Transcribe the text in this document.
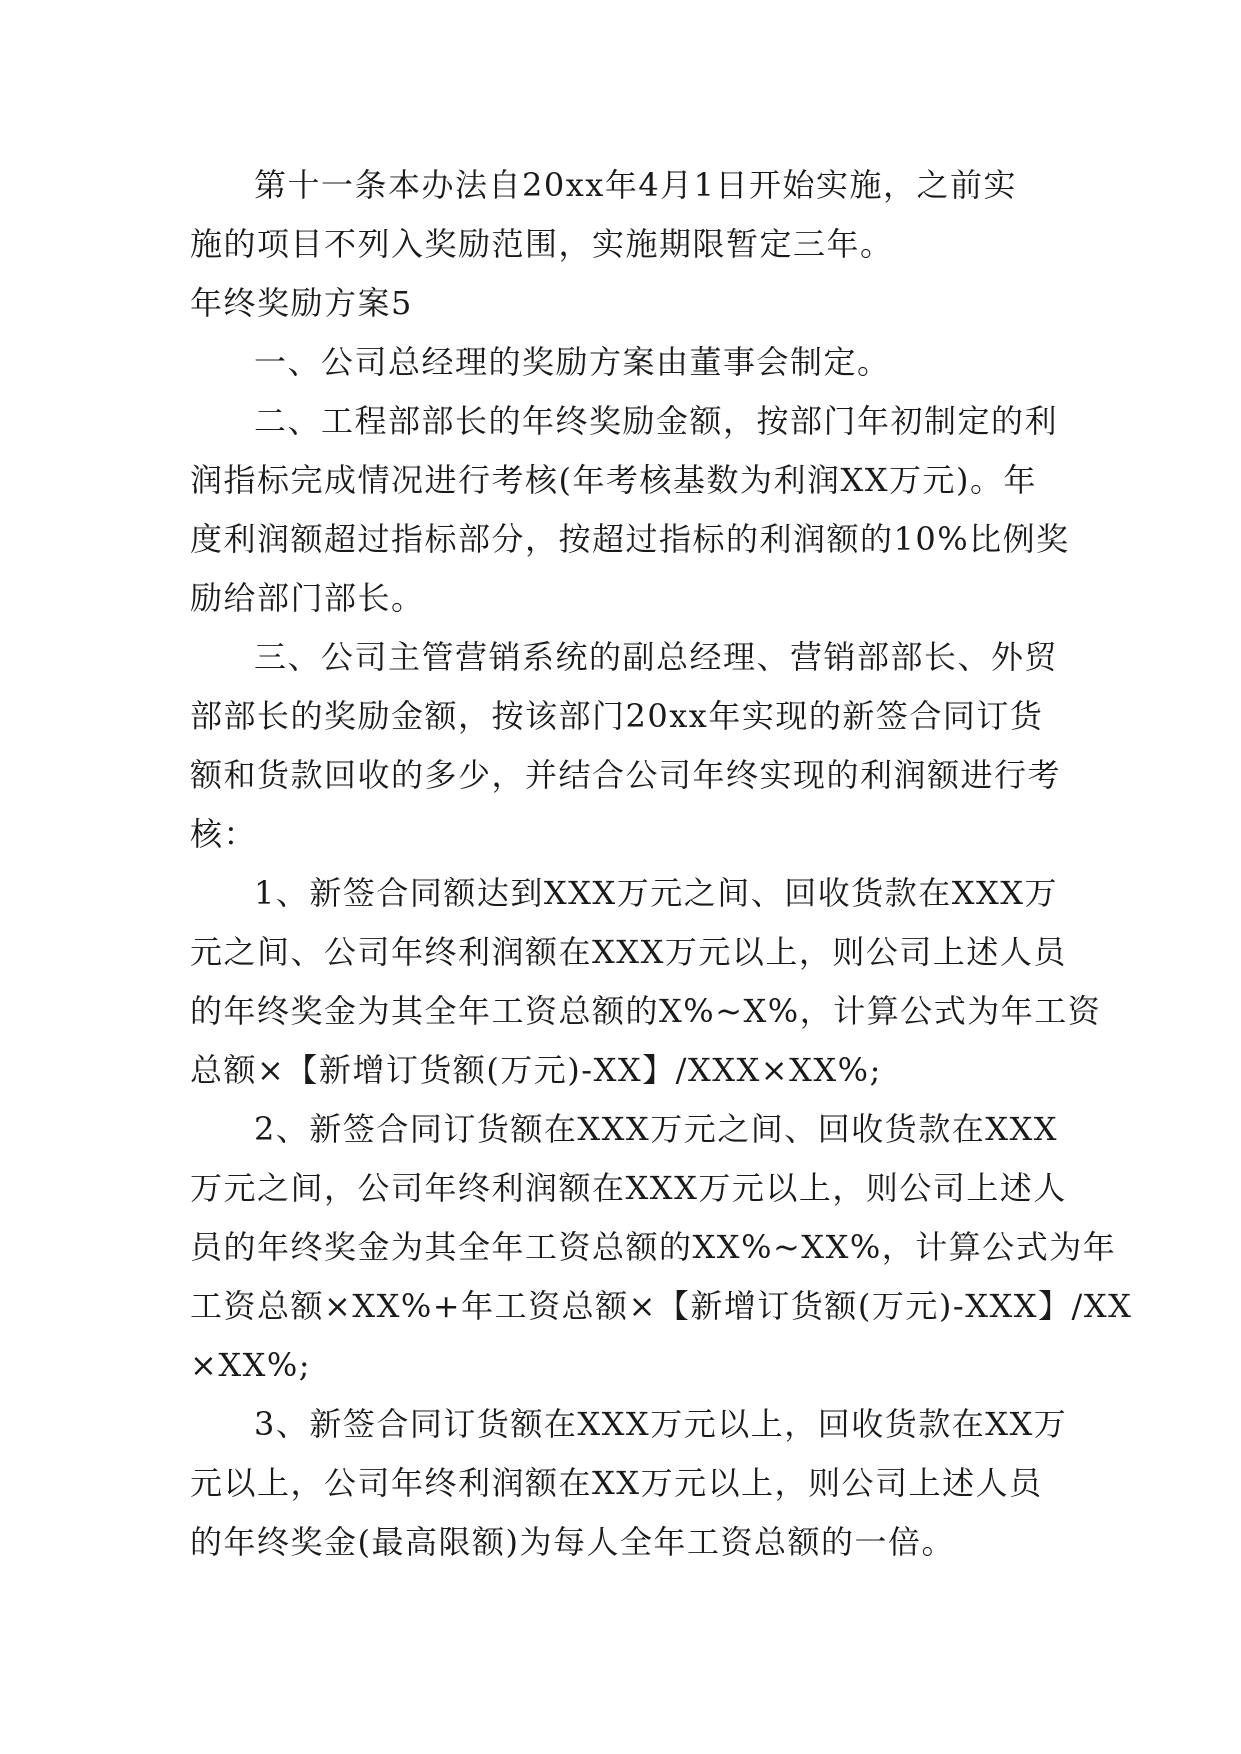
第十一条本办法自20xx年4月1日开始实施，之前实
施的项目不列入奖励范围，实施期限暂定三年。
年终奖励方案5
一、公司总经理的奖励方案由董事会制定。
二、工程部部长的年终奖励金额，按部门年初制定的利
润指标完成情况进行考核(年考核基数为利润XX万元)。年
度利润额超过指标部分，按超过指标的利润额的10%比例奖
励给部门部长。
三、公司主管营销系统的副总经理、营销部部长、外贸
部部长的奖励金额，按该部门20xx年实现的新签合同订货
额和货款回收的多少，并结合公司年终实现的利润额进行考
核：
1、新签合同额达到XXX万元之间、回收货款在XXX万
元之间、公司年终利润额在XXX万元以上，则公司上述人员
的年终奖金为其全年工资总额的X%~X%，计算公式为年工资
总额×【新增订货额(万元)-XX】/XXX×XX%;
2、新签合同订货额在XXX万元之间、回收货款在XXX
万元之间，公司年终利润额在XXX万元以上，则公司上述人
员的年终奖金为其全年工资总额的XX%~XX%，计算公式为年
工资总额×XX%+年工资总额×【新增订货额(万元)-XXX】/XX
×XX%;
3、新签合同订货额在XXX万元以上，回收货款在XX万
元以上，公司年终利润额在XX万元以上，则公司上述人员
的年终奖金(最高限额)为每人全年工资总额的一倍。
